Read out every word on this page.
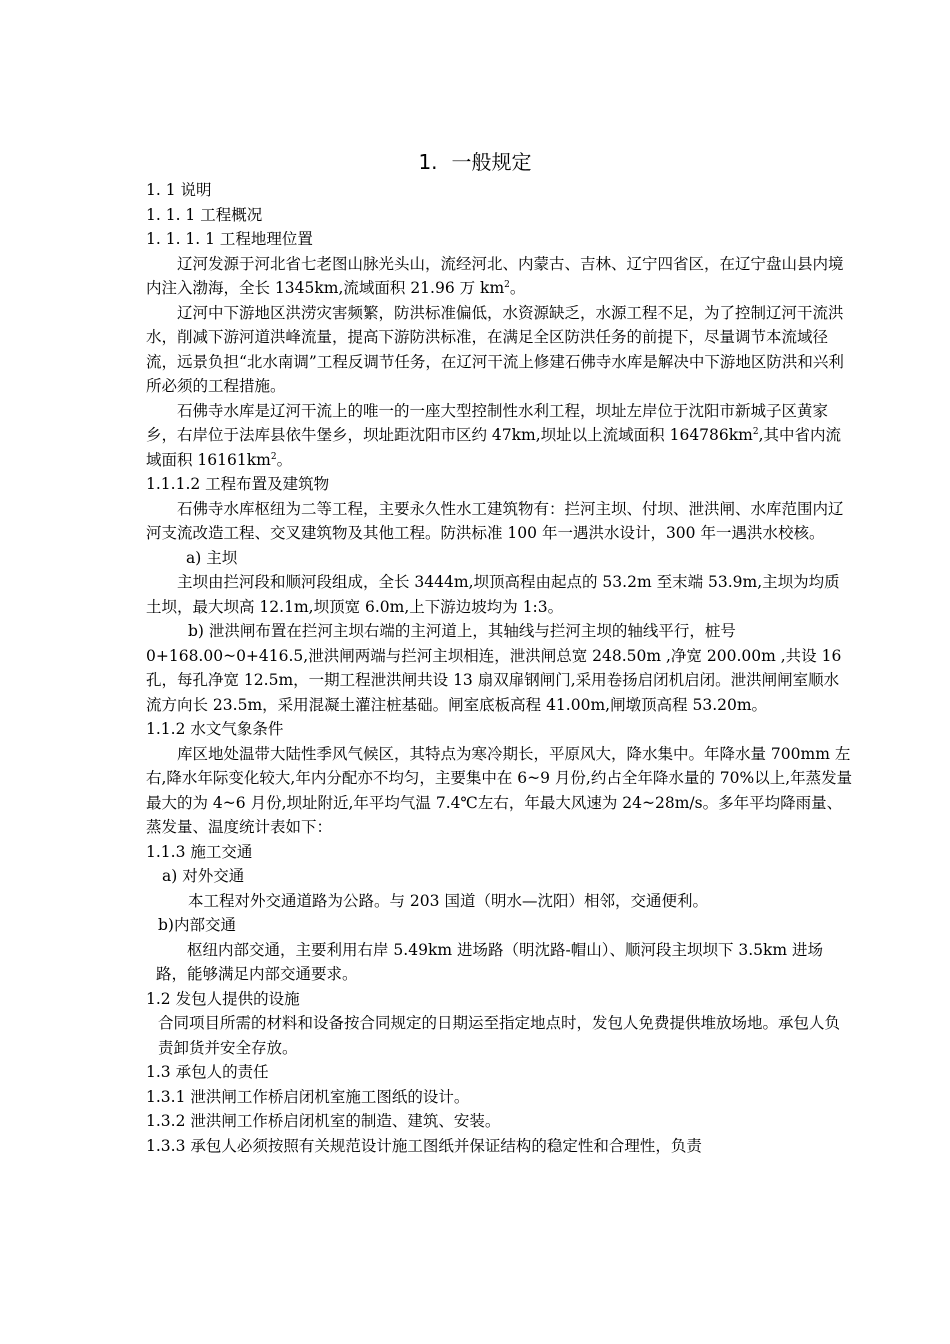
1. 一般规定

1. 1 说明

1. 1. 1 工程概况

1. 1. 1. 1 工程地理位置

辽河发源于河北省七老图山脉光头山，流经河北、内蒙古、吉林、辽宁四省区，在辽宁盘山县内境内注入渤海，全长 1345km,流域面积 21.96 万 $km^2$。

辽河中下游地区洪涝灾害频繁，防洪标准偏低，水资源缺乏，水源工程不足，为了控制辽河干流洪水，削减下游河道洪峰流量，提高下游防洪标准，在满足全区防洪任务的前提下，尽量调节本流域径流，远景负担“北水南调”工程反调节任务，在辽河干流上修建石佛寺水库是解决中下游地区防洪和兴利所必须的工程措施。

石佛寺水库是辽河干流上的唯一的一座大型控制性水利工程，坝址左岸位于沈阳市新城子区黄家乡，右岸位于法库县依牛堡乡，坝址距沈阳市区约 47km,坝址以上流域面积 $164786km^2$,其中省内流域面积 $16161km^2$。

1.1.1.2 工程布置及建筑物

石佛寺水库枢纽为二等工程，主要永久性水工建筑物有：拦河主坝、付坝、泄洪闸、水库范围内辽河支流改造工程、交叉建筑物及其他工程。防洪标准 100 年一遇洪水设计，300 年一遇洪水校核。

a) 主坝

主坝由拦河段和顺河段组成，全长 3444m,坝顶高程由起点的 53.2m 至末端 53.9m,主坝为均质土坝，最大坝高 12.1m,坝顶宽 6.0m,上下游边坡均为 1:3。

b) 泄洪闸布置在拦河主坝右端的主河道上，其轴线与拦河主坝的轴线平行，桩号 0+168.00~0+416.5,泄洪闸两端与拦河主坝相连，泄洪闸总宽 248.50m ,净宽 200.00m ,共设 16 孔，每孔净宽 12.5m，一期工程泄洪闸共设 13 扇双扉钢闸门,采用卷扬启闭机启闭。泄洪闸闸室顺水流方向长 23.5m，采用混凝土灌注桩基础。闸室底板高程 41.00m,闸墩顶高程 53.20m。

1.1.2 水文气象条件

库区地处温带大陆性季风气候区，其特点为寒冷期长，平原风大，降水集中。年降水量 700mm 左右,降水年际变化较大,年内分配亦不均匀，主要集中在 6~9 月份,约占全年降水量的 70%以上,年蒸发量最大的为 4~6 月份,坝址附近,年平均气温 7.4℃左右，年最大风速为 24~28m/s。多年平均降雨量、蒸发量、温度统计表如下：

1.1.3 施工交通

a) 对外交通

本工程对外交通道路为公路。与 203 国道（明水—沈阳）相邻，交通便利。

b)内部交通

枢纽内部交通，主要利用右岸 5.49km 进场路（明沈路-帽山）、顺河段主坝坝下 3.5km 进场路，能够满足内部交通要求。

1.2 发包人提供的设施

合同项目所需的材料和设备按合同规定的日期运至指定地点时，发包人免费提供堆放场地。承包人负责卸货并安全存放。

1.3 承包人的责任

1.3.1 泄洪闸工作桥启闭机室施工图纸的设计。

1.3.2 泄洪闸工作桥启闭机室的制造、建筑、安装。

1.3.3 承包人必须按照有关规范设计施工图纸并保证结构的稳定性和合理性，负责
